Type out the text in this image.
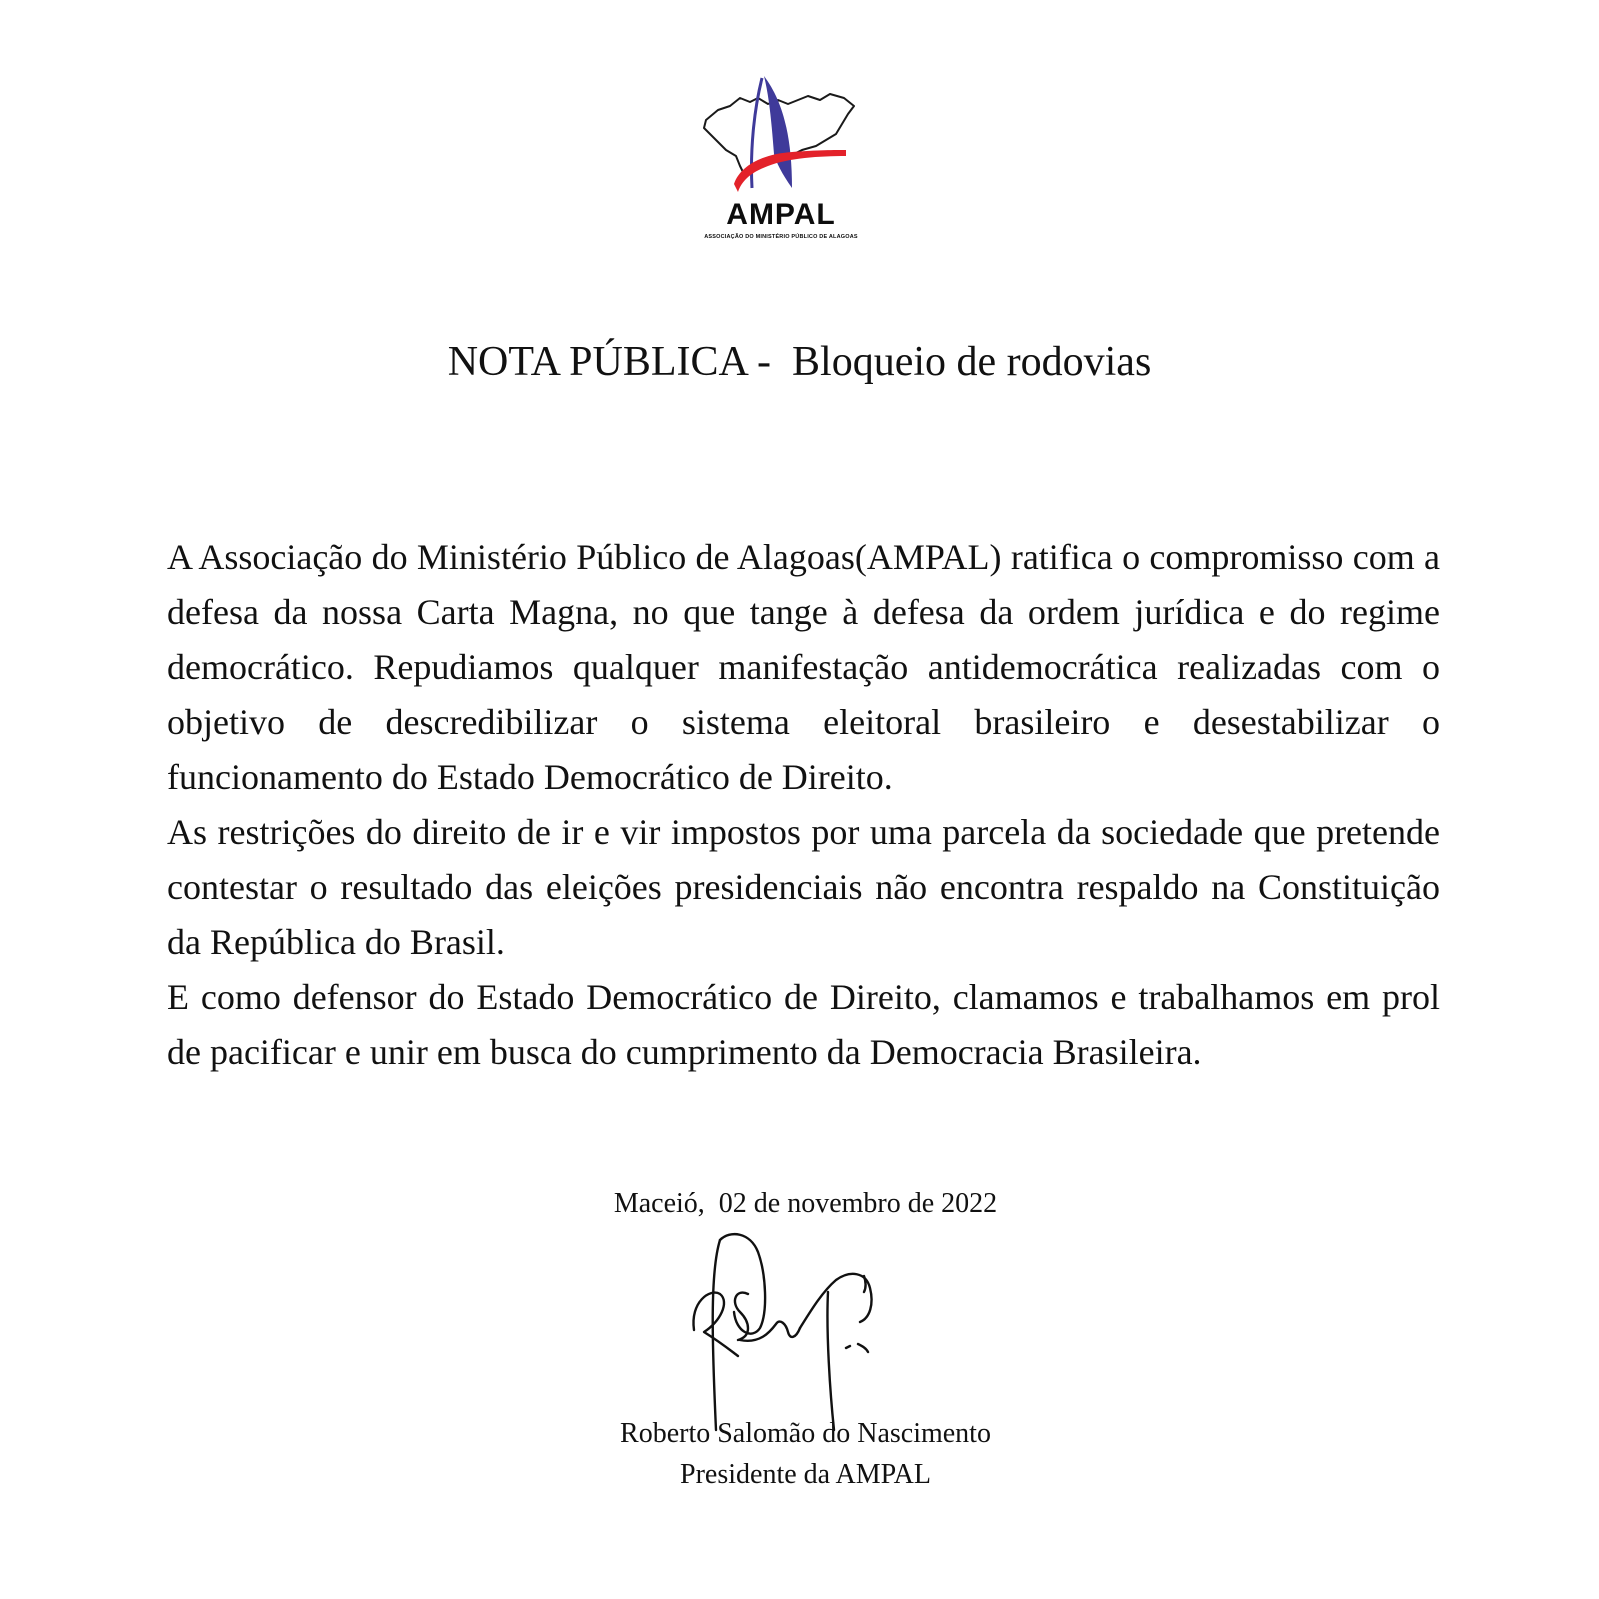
AMPAL
ASSOCIAÇÃO DO MINISTÉRIO PÚBLICO DE ALAGOAS
NOTA PÚBLICA -  Bloqueio de rodovias

A Associação do Ministério Público de Alagoas(AMPAL) ratifica o compromisso com a defesa da nossa Carta Magna, no que tange à defesa da ordem jurídica e do regime democrático. Repudiamos qualquer manifestação antidemocrática realizadas com o objetivo de descredibilizar o sistema eleitoral brasileiro e desestabilizar o funcionamento do Estado Democrático de Direito.

As restrições do direito de ir e vir impostos por uma parcela da sociedade que pretende contestar o resultado das eleições presidenciais não encontra respaldo na Constituição da República do Brasil.

E como defensor do Estado Democrático de Direito, clamamos e trabalhamos em prol de pacificar e unir em busca do cumprimento da Democracia Brasileira.

Maceió,  02 de novembro de 2022
Roberto Salomão do Nascimento
Presidente da AMPAL
